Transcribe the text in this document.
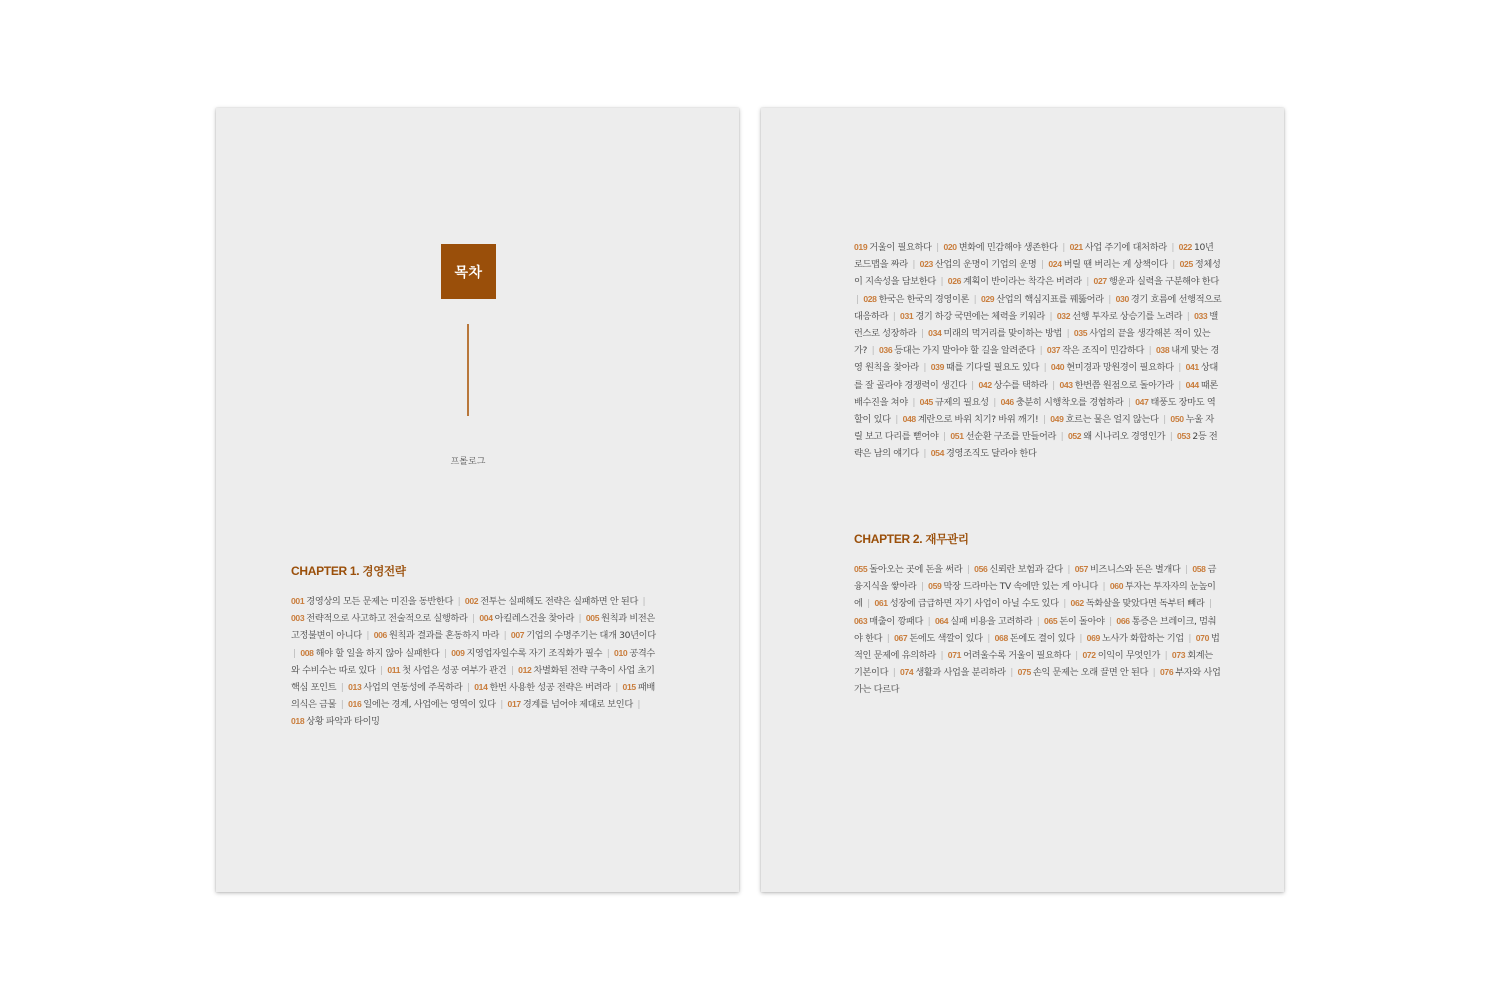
목차
프롤로그
CHAPTER 1. 경영전략
001 경영상의 모든 문제는 미진을 동반한다 | 002 전투는 실패해도 전략은 실패하면 안 된다 | 003 전략적으로 사고하고 전술적으로 실행하라 | 004 아킬레스건을 찾아라 | 005 원칙과 비전은 고정불변이 아니다 | 006 원칙과 결과를 혼동하지 마라 | 007 기업의 수명주기는 대개 30년이다 | 008 해야 할 일을 하지 않아 실패한다 | 009 지영업자일수록 자기 조직화가 필수 | 010 공격수와 수비수는 따로 있다 | 011 첫 사업은 성공 여부가 관건 | 012 차별화된 전략 구축이 사업 초기 핵심 포인트 | 013 사업의 연동성에 주목하라 | 014 한번 사용한 성공 전략은 버려라 | 015 패배의식은 금물 | 016 일에는 경계, 사업에는 영역이 있다 | 017 경계를 넘어야 제대로 보인다 | 018 상황 파악과 타이밍
019 거울이 필요하다 | 020 변화에 민감해야 생존한다 | 021 사업 주기에 대처하라 | 022 10년 로드맵을 짜라 | 023 산업의 운명이 기업의 운명 | 024 버릴 땐 버리는 게 상책이다 | 025 정체성이 지속성을 담보한다 | 026 계획이 반이라는 착각은 버려라 | 027 행운과 실력을 구분해야 한다 | 028 한국은 한국의 경영이론 | 029 산업의 핵심지표를 꿰뚫어라 | 030 경기 흐름에 선행적으로 대응하라 | 031 경기 하강 국면에는 체력을 키워라 | 032 선행 투자로 상승기를 노려라 | 033 밸런스로 성장하라 | 034 미래의 먹거리를 맞이하는 방법 | 035 사업의 끝을 생각해본 적이 있는가? | 036 등대는 가지 말아야 할 길을 알려준다 | 037 작은 조직이 민감하다 | 038 내게 맞는 경영 원칙을 찾아라 | 039 때를 기다릴 필요도 있다 | 040 현미경과 망원경이 필요하다 | 041 상대를 잘 골라야 경쟁력이 생긴다 | 042 상수를 택하라 | 043 한번쯤 원점으로 돌아가라 | 044 때론 배수진을 쳐야 | 045 규제의 필요성 | 046 충분히 시행착오를 경험하라 | 047 태풍도 장마도 역할이 있다 | 048 계란으로 바위 치기? 바위 깨기! | 049 흐르는 물은 얼지 않는다 | 050 누울 자릴 보고 다리를 뻗어야 | 051 선순환 구조를 만들어라 | 052 왜 시나리오 경영인가 | 053 2등 전략은 남의 얘기다 | 054 경영조직도 달라야 한다
CHAPTER 2. 재무관리
055 돌아오는 곳에 돈을 써라 | 056 신뢰란 보험과 같다 | 057 비즈니스와 돈은 별개다 | 058 금융지식을 쌓아라 | 059 막장 드라마는 TV 속에만 있는 게 아니다 | 060 투자는 투자자의 눈높이에 | 061 성장에 급급하면 자기 사업이 아닐 수도 있다 | 062 독화살을 맞았다면 독부터 빼라 | 063 매출이 깡패다 | 064 실패 비용을 고려하라 | 065 돈이 돌아야 | 066 통증은 브레이크, 멈춰야 한다 | 067 돈에도 색깔이 있다 | 068 돈에도 결이 있다 | 069 노사가 화합하는 기업 | 070 법적인 문제에 유의하라 | 071 어려울수록 거울이 필요하다 | 072 이익이 무엇인가 | 073 회계는 기본이다 | 074 생활과 사업을 분리하라 | 075 손익 문제는 오래 끌면 안 된다 | 076 부자와 사업가는 다르다
